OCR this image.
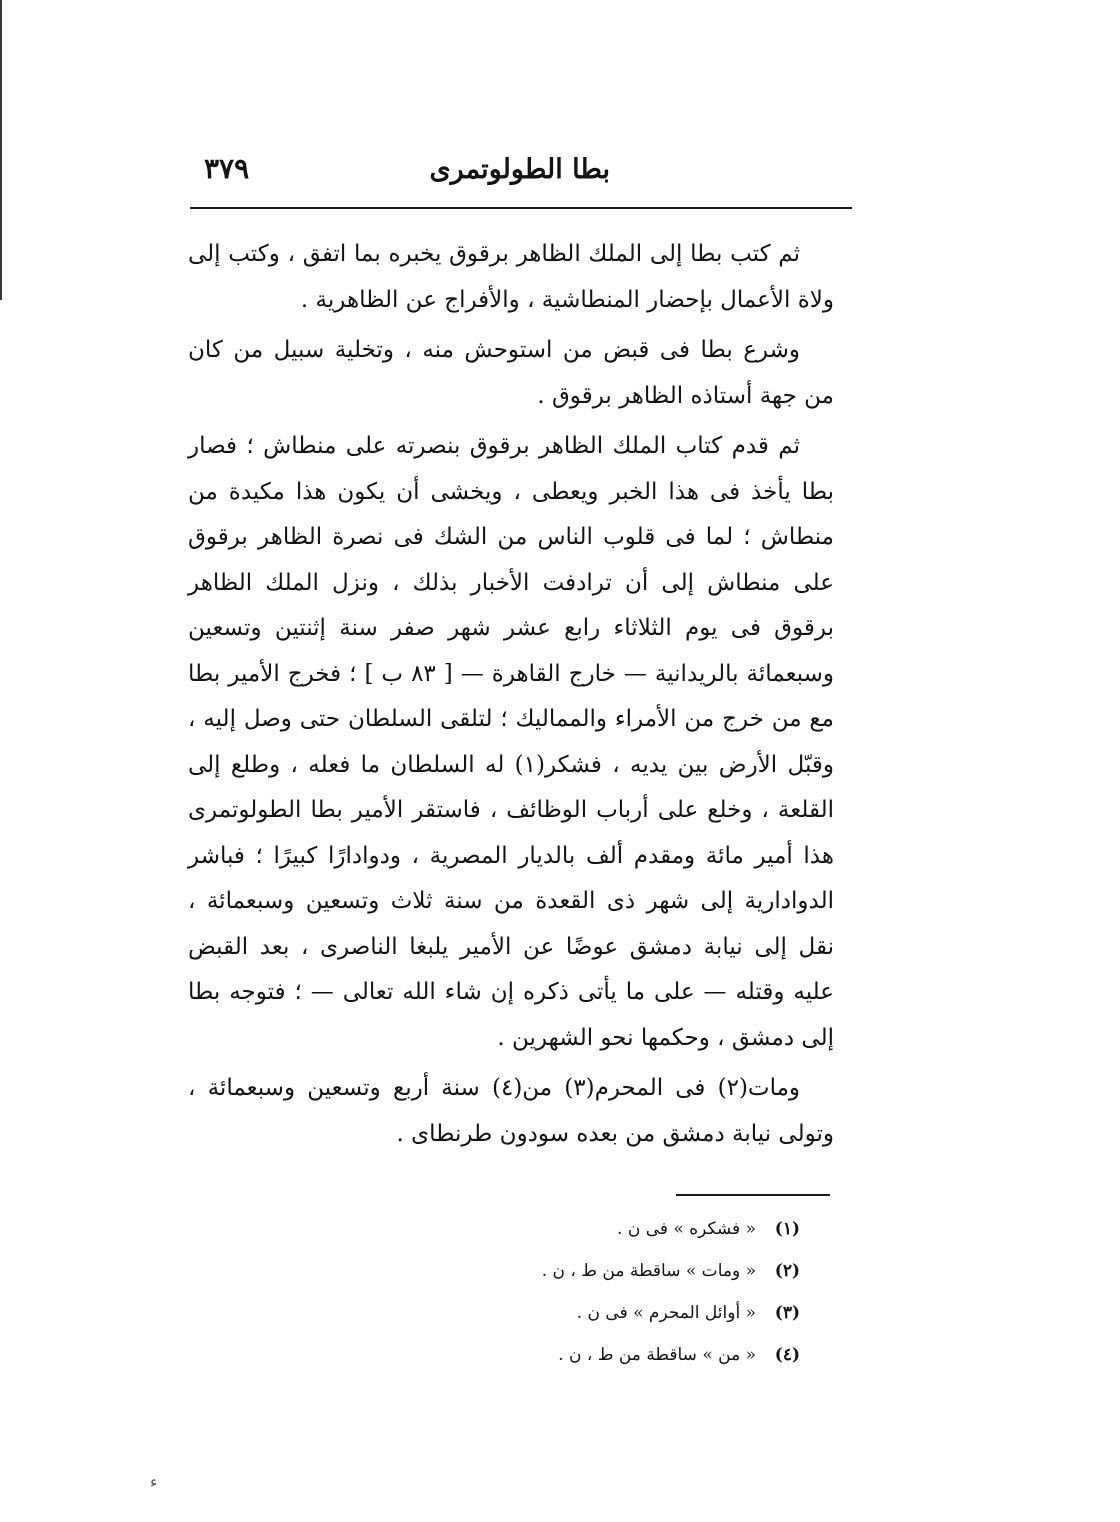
بطا الطولوتمرى
٣٧٩

ثم كتب بطا إلى الملك الظاهر برقوق يخبره بما اتفق ، وكتب إلى ولاة الأعمال بإحضار المنطاشية ، والأفراج عن الظاهرية .

وشرع بطا فى قبض من استوحش منه ، وتخلية سبيل من كان من جهة أستاذه الظاهر برقوق .

ثم قدم كتاب الملك الظاهر برقوق بنصرته على منطاش ؛ فصار بطا يأخذ فى هذا الخبر ويعطى ، ويخشى أن يكون هذا مكيدة من منطاش ؛ لما فى قلوب الناس من الشك فى نصرة الظاهر برقوق على منطاش إلى أن ترادفت الأخبار بذلك ، ونزل الملك الظاهر برقوق فى يوم الثلاثاء رابع عشر شهر صفر سنة إثنتين وتسعين وسبعمائة بالريدانية — خارج القاهرة — [ ٨٣ ب ] ؛ فخرج الأمير بطا مع من خرج من الأمراء والمماليك ؛ لتلقى السلطان حتى وصل إليه ، وقبّل الأرض بين يديه ، فشكر(١) له السلطان ما فعله ، وطلع إلى القلعة ، وخلع على أرباب الوظائف ، فاستقر الأمير بطا الطولوتمرى هذا أمير مائة ومقدم ألف بالديار المصرية ، ودوادارًا كبيرًا ؛ فباشر الدوادارية إلى شهر ذى القعدة من سنة ثلاث وتسعين وسبعمائة ، نقل إلى نيابة دمشق عوضًا عن الأمير يلبغا الناصرى ، بعد القبض عليه وقتله — على ما يأتى ذكره إن شاء الله تعالى — ؛ فتوجه بطا إلى دمشق ، وحكمها نحو الشهرين .

ومات(٢) فى المحرم(٣) من(٤) سنة أربع وتسعين وسبعمائة ، وتولى نيابة دمشق من بعده سودون طرنطاى .

(١)« فشكره » فى ن .
(٢)« ومات » ساقطة من ط ، ن .
(٣)« أوائل المحرم » فى ن .
(٤)« من » ساقطة من ط ، ن .
ء
